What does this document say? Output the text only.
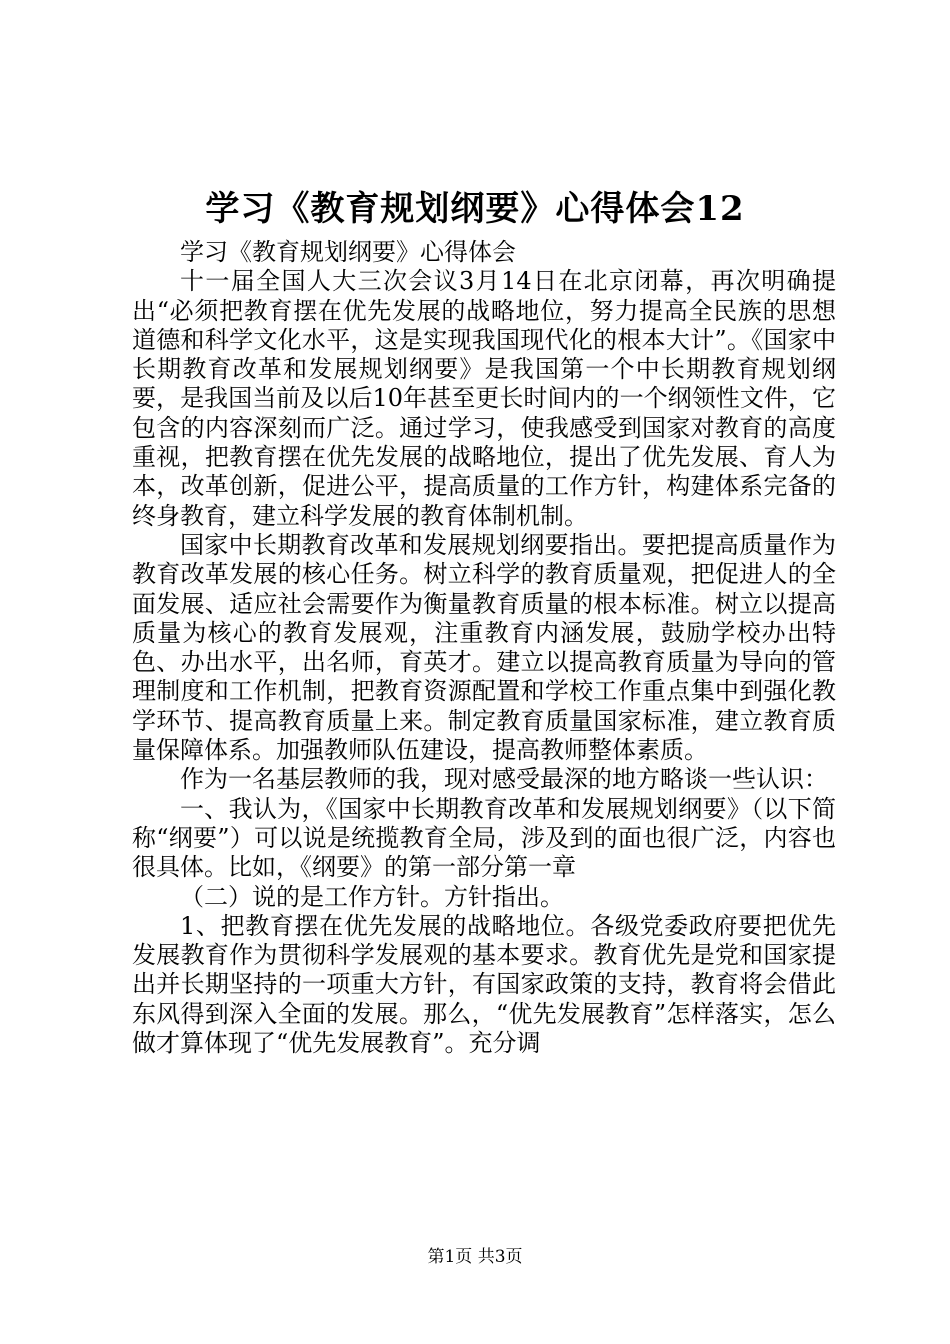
学习《教育规划纲要》心得体会12

学习《教育规划纲要》心得体会

十一届全国人大三次会议3月14日在北京闭幕，再次明确提出“必须把教育摆在优先发展的战略地位，努力提高全民族的思想道德和科学文化水平，这是实现我国现代化的根本大计”。《国家中长期教育改革和发展规划纲要》是我国第一个中长期教育规划纲要，是我国当前及以后10年甚至更长时间内的一个纲领性文件，它包含的内容深刻而广泛。通过学习，使我感受到国家对教育的高度重视，把教育摆在优先发展的战略地位，提出了优先发展、育人为本，改革创新，促进公平，提高质量的工作方针，构建体系完备的终身教育，建立科学发展的教育体制机制。

国家中长期教育改革和发展规划纲要指出。要把提高质量作为教育改革发展的核心任务。树立科学的教育质量观，把促进人的全面发展、适应社会需要作为衡量教育质量的根本标准。树立以提高质量为核心的教育发展观，注重教育内涵发展，鼓励学校办出特色、办出水平，出名师，育英才。建立以提高教育质量为导向的管理制度和工作机制，把教育资源配置和学校工作重点集中到强化教学环节、提高教育质量上来。制定教育质量国家标准，建立教育质量保障体系。加强教师队伍建设，提高教师整体素质。

作为一名基层教师的我，现对感受最深的地方略谈一些认识：

一、我认为，《国家中长期教育改革和发展规划纲要》（以下简称“纲要”）可以说是统揽教育全局，涉及到的面也很广泛，内容也很具体。比如，《纲要》的第一部分第一章

（二）说的是工作方针。方针指出。

1、把教育摆在优先发展的战略地位。各级党委政府要把优先发展教育作为贯彻科学发展观的基本要求。教育优先是党和国家提出并长期坚持的一项重大方针，有国家政策的支持，教育将会借此东风得到深入全面的发展。那么，“优先发展教育”怎样落实，怎么做才算体现了“优先发展教育”。充分调

第1页 共3页
